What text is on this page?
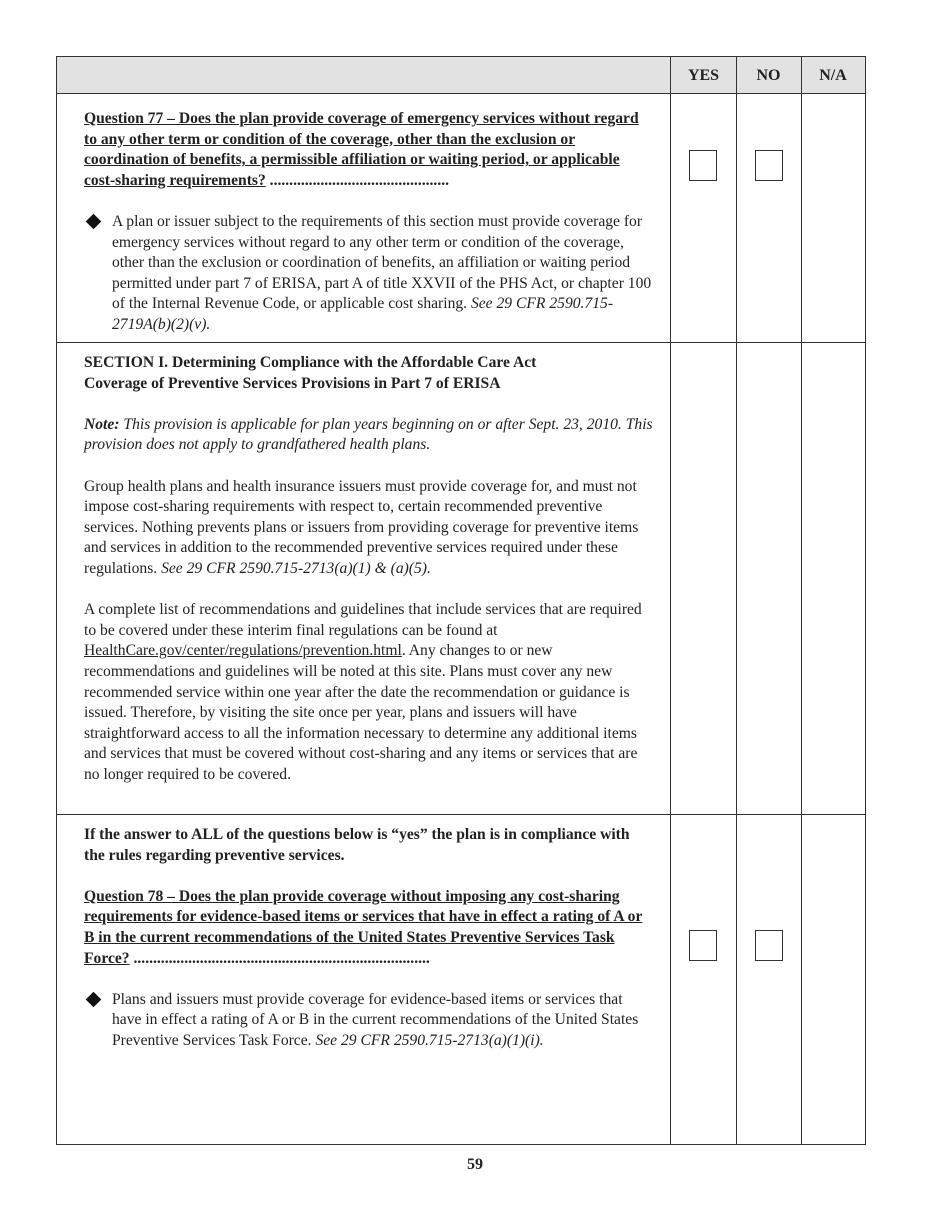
YES	NO	N/A

Question 77 – Does the plan provide coverage of emergency services without regard to any other term or condition of the coverage, other than the exclusion or coordination of benefits, a permissible affiliation or waiting period, or applicable cost-sharing requirements? ..............................................

A plan or issuer subject to the requirements of this section must provide coverage for emergency services without regard to any other term or condition of the coverage, other than the exclusion or coordination of benefits, an affiliation or waiting period permitted under part 7 of ERISA, part A of title XXVII of the PHS Act, or chapter 100 of the Internal Revenue Code, or applicable cost sharing. See 29 CFR 2590.715-2719A(b)(2)(v).

SECTION I. Determining Compliance with the Affordable Care Act
Coverage of Preventive Services Provisions in Part 7 of ERISA

Note: This provision is applicable for plan years beginning on or after Sept. 23, 2010. This provision does not apply to grandfathered health plans.

Group health plans and health insurance issuers must provide coverage for, and must not impose cost-sharing requirements with respect to, certain recommended preventive services. Nothing prevents plans or issuers from providing coverage for preventive items and services in addition to the recommended preventive services required under these regulations. See 29 CFR 2590.715-2713(a)(1) & (a)(5).

A complete list of recommendations and guidelines that include services that are required to be covered under these interim final regulations can be found at HealthCare.gov/center/regulations/prevention.html. Any changes to or new recommendations and guidelines will be noted at this site. Plans must cover any new recommended service within one year after the date the recommendation or guidance is issued. Therefore, by visiting the site once per year, plans and issuers will have straightforward access to all the information necessary to determine any additional items and services that must be covered without cost-sharing and any items or services that are no longer required to be covered.

If the answer to ALL of the questions below is “yes” the plan is in compliance with the rules regarding preventive services.

Question 78 – Does the plan provide coverage without imposing any cost-sharing requirements for evidence-based items or services that have in effect a rating of A or B in the current recommendations of the United States Preventive Services Task Force? ............................................................................

Plans and issuers must provide coverage for evidence-based items or services that have in effect a rating of A or B in the current recommendations of the United States Preventive Services Task Force. See 29 CFR 2590.715-2713(a)(1)(i).

59
